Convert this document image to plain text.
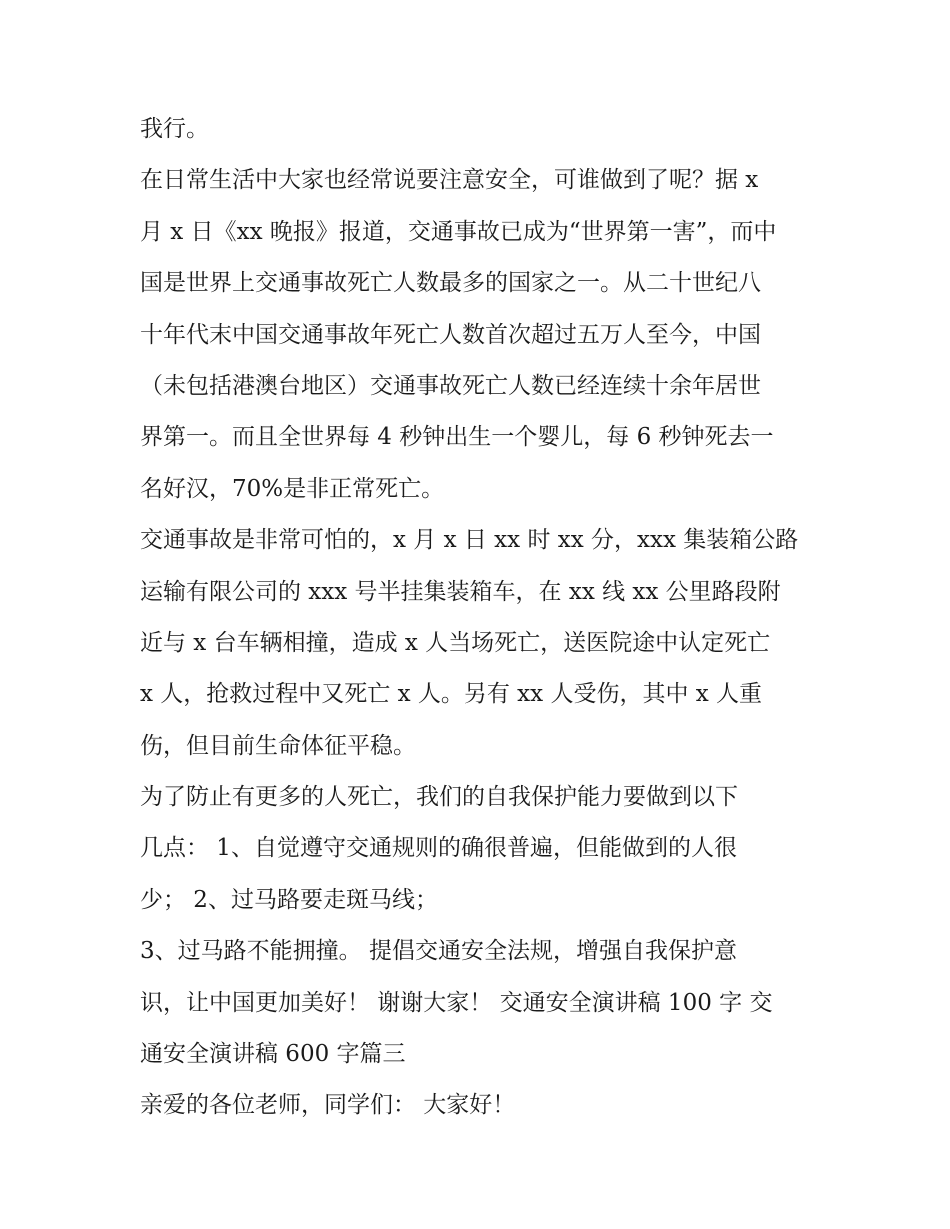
我行。
在日常生活中大家也经常说要注意安全，可谁做到了呢？据 x
月 x 日《xx 晚报》报道，交通事故已成为“世界第一害”，而中
国是世界上交通事故死亡人数最多的国家之一。从二十世纪八
十年代末中国交通事故年死亡人数首次超过五万人至今，中国
（未包括港澳台地区）交通事故死亡人数已经连续十余年居世
界第一。而且全世界每 4 秒钟出生一个婴儿，每 6 秒钟死去一
名好汉，70%是非正常死亡。
交通事故是非常可怕的，x 月 x 日 xx 时 xx 分，xxx 集装箱公路
运输有限公司的 xxx 号半挂集装箱车，在 xx 线 xx 公里路段附
近与 x 台车辆相撞，造成 x 人当场死亡，送医院途中认定死亡
x 人，抢救过程中又死亡 x 人。另有 xx 人受伤，其中 x 人重
伤，但目前生命体征平稳。
为了防止有更多的人死亡，我们的自我保护能力要做到以下
几点： 1、自觉遵守交通规则的确很普遍，但能做到的人很
少； 2、过马路要走斑马线；
3、过马路不能拥撞。 提倡交通安全法规，增强自我保护意
识，让中国更加美好！ 谢谢大家！ 交通安全演讲稿 100 字 交
通安全演讲稿 600 字篇三
亲爱的各位老师，同学们： 大家好！
